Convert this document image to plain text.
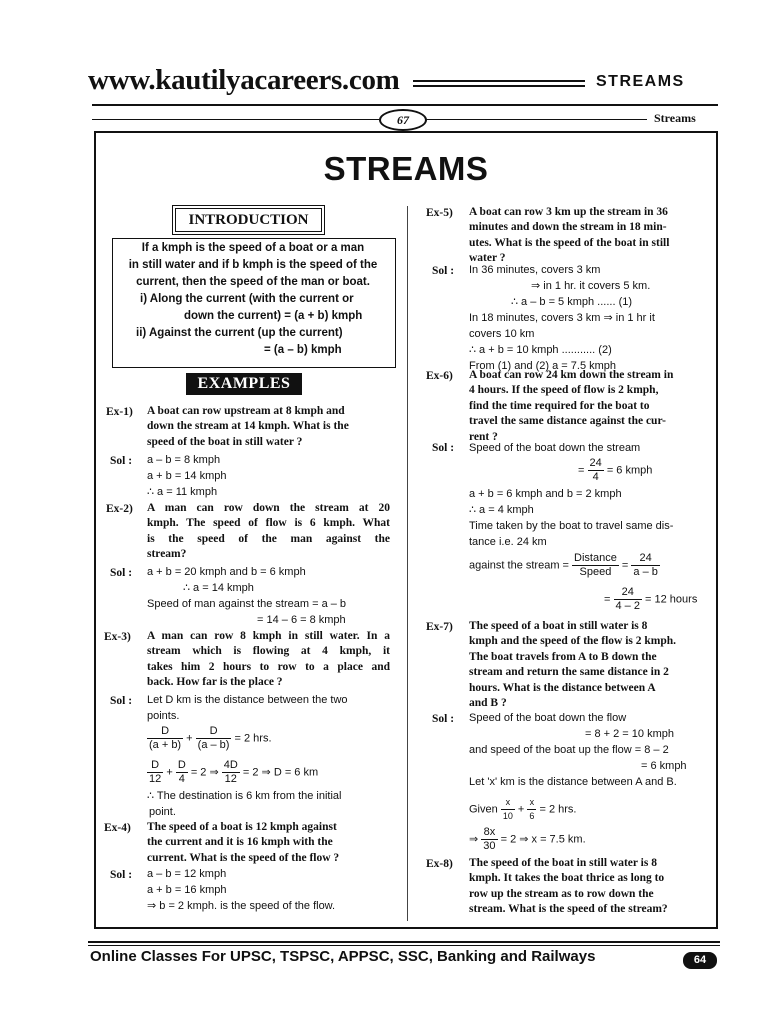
www.kautilyacareers.com	STREAMS
67	Streams
STREAMS
INTRODUCTION
If a kmph is the speed of a boat or a man
in still water and if b kmph is the speed of the
current, then the speed of the man or boat.
i) Along the current (with the current or
down the current) = (a + b) kmph
ii) Against the current (up the current)
= (a – b) kmph
EXAMPLES
Ex-1) A boat can row upstream at 8 kmph and
down the stream at 14 kmph. What is the
speed of the boat in still water ?
Sol : a – b = 8 kmph
a + b = 14 kmph
∴ a = 11 kmph
Ex-2) A man can row down the stream at 20
kmph. The speed of flow is 6 kmph. What
is the speed of the man against the
stream?
Sol : a + b = 20 kmph and b = 6 kmph
∴ a = 14 kmph
Speed of man against the stream = a – b
= 14 – 6 = 8 kmph
Ex-3) A man can row 8 kmph in still water. In a
stream which is flowing at 4 kmph, it
takes him 2 hours to row to a place and
back. How far is the place ?
Sol : Let D km is the distance between the two
points.
$\frac{D}{(a + b)} + \frac{D}{(a - b)} = 2$ hrs.
$\frac{D}{12} + \frac{D}{4} = 2$ ⇒ $\frac{4D}{12} = 2$ ⇒ D = 6 km
∴ The destination is 6 km from the initial
point.
Ex-4) The speed of a boat is 12 kmph against
the current and it is 16 kmph with the
current. What is the speed of the flow ?
Sol : a – b = 12 kmph
a + b = 16 kmph
⇒ b = 2 kmph. is the speed of the flow.
Ex-5) A boat can row 3 km up the stream in 36
minutes and down the stream in 18 min-
utes. What is the speed of the boat in still
water ?
Sol : In 36 minutes, covers 3 km
⇒ in 1 hr. it covers 5 km.
∴ a – b = 5 kmph ...... (1)
In 18 minutes, covers 3 km ⇒ in 1 hr it
covers 10 km
∴ a + b = 10 kmph ........... (2)
From (1) and (2) a = 7.5 kmph
Ex-6) A boat can row 24 km down the stream in
4 hours. If the speed of flow is 2 kmph,
find the time required for the boat to
travel the same distance against the cur-
rent ?
Sol : Speed of the boat down the stream
= $\frac{24}{4} = 6$ kmph
a + b = 6 kmph and b = 2 kmph
∴ a = 4 kmph
Time taken by the boat to travel same dis-
tance i.e. 24 km
against the stream = $\frac{\text{Distance}}{\text{Speed}} = \frac{24}{a - b}$
= $\frac{24}{4 - 2} = 12$ hours
Ex-7) The speed of a boat in still water is 8
kmph and the speed of the flow is 2 kmph.
The boat travels from A to B down the
stream and return the same distance in 2
hours. What is the distance between A
and B ?
Sol : Speed of the boat down the flow
= 8 + 2 = 10 kmph
and speed of the boat up the flow = 8 – 2
= 6 kmph
Let 'x' km is the distance between A and B.
Given $\frac{x}{10} + \frac{x}{6} = 2$ hrs.
⇒ $\frac{8x}{30} = 2$ ⇒ x = 7.5 km.
Ex-8) The speed of the boat in still water is 8
kmph. It takes the boat thrice as long to
row up the stream as to row down the
stream. What is the speed of the stream?
Online Classes For UPSC, TSPSC, APPSC, SSC, Banking and Railways	64
